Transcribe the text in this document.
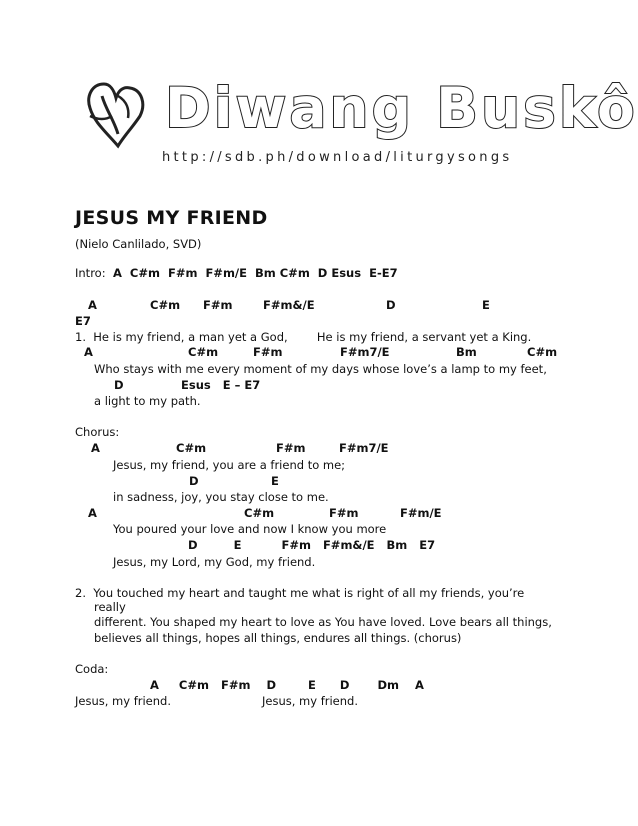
Diwang Buskô
http://sdb.ph/download/liturgysongs
JESUS MY FRIEND
(Nielo Canlilado, SVD)
Intro: A  C#m  F#m  F#m/E  Bm C#m  D Esus  E-E7
A	C#m F#m	F#m&/E	D	E
E7
1.  He is my friend, a man yet a God,        He is my friend, a servant yet a King.
A	C#m	F#m	F#m7/E	Bm	C#m
Who stays with me every moment of my days whose love’s a lamp to my feet,
D	Esus   E – E7
a light to my path.
Chorus:
A	C#m	F#m	F#m7/E
Jesus, my friend, you are a friend to me;
D	E
in sadness, joy, you stay close to me.
A	C#m	F#m	F#m/E
You poured your love and now I know you more
D         E          F#m   F#m&/E   Bm   E7
Jesus, my Lord, my God, my friend.
2.  You touched my heart and taught me what is right of all my friends, you’re
really
different. You shaped my heart to love as You have loved. Love bears all things,
believes all things, hopes all things, endures all things. (chorus)
Coda:
A     C#m   F#m    D        E      D       Dm    A
Jesus, my friend.	Jesus, my friend.
